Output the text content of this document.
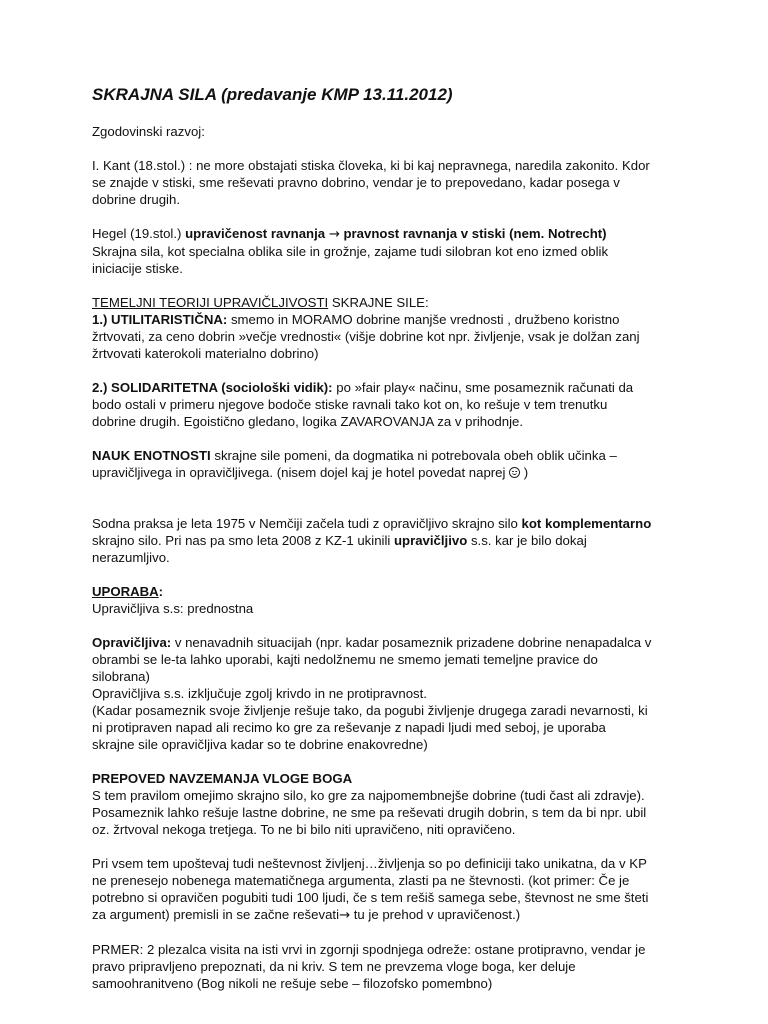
SKRAJNA SILA (predavanje KMP 13.11.2012)

Zgodovinski razvoj:

I. Kant (18.stol.) : ne more obstajati stiska človeka, ki bi kaj nepravnega, naredila zakonito. Kdor se znajde v stiski, sme reševati pravno dobrino, vendar je to prepovedano, kadar posega v dobrine drugih.

Hegel (19.stol.) upravičenost ravnanja → pravnost ravnanja v stiski (nem. Notrecht)
Skrajna sila, kot specialna oblika sile in grožnje, zajame tudi silobran kot eno izmed oblik iniciacije stiske.

TEMELJNI TEORIJI UPRAVIČLJIVOSTI SKRAJNE SILE:
1.) UTILITARISTIČNA: smemo in MORAMO dobrine manjše vrednosti , družbeno koristno žrtvovati, za ceno dobrin »večje vrednosti« (višje dobrine kot npr. življenje, vsak je dolžan zanj žrtvovati katerokoli materialno dobrino)

2.) SOLIDARITETNA (sociološki vidik): po »fair play« načinu, sme posameznik računati da bodo ostali v primeru njegove bodoče stiske ravnali tako kot on, ko rešuje v tem trenutku dobrine drugih. Egoistično gledano, logika ZAVAROVANJA za v prihodnje.

NAUK ENOTNOSTI skrajne sile pomeni, da dogmatika ni potrebovala obeh oblik učinka – upravičljivega in opravičljivega. (nisem dojel kaj je hotel povedat naprej  )

Sodna praksa je leta 1975 v Nemčiji začela tudi z opravičljivo skrajno silo kot komplementarno skrajno silo. Pri nas pa smo leta 2008 z KZ-1 ukinili upravičljivo s.s. kar je bilo dokaj nerazumljivo.

UPORABA:
Upravičljiva s.s: prednostna

Opravičljiva: v nenavadnih situacijah (npr. kadar posameznik prizadene dobrine nenapadalca v obrambi se le-ta lahko uporabi, kajti nedolžnemu ne smemo jemati temeljne pravice do silobrana)
Opravičljiva s.s. izključuje zgolj krivdo in ne protipravnost.
(Kadar posameznik svoje življenje rešuje tako, da pogubi življenje drugega zaradi nevarnosti, ki ni protipraven napad ali recimo ko gre za reševanje z napadi ljudi med seboj, je uporaba skrajne sile opravičljiva kadar so te dobrine enakovredne)

PREPOVED NAVZEMANJA VLOGE BOGA
S tem pravilom omejimo skrajno silo, ko gre za najpomembnejše dobrine (tudi čast ali zdravje). Posameznik lahko rešuje lastne dobrine, ne sme pa reševati drugih dobrin, s tem da bi npr. ubil oz. žrtvoval nekoga tretjega. To ne bi bilo niti upravičeno, niti opravičeno.

Pri vsem tem upoštevaj tudi neštevnost življenj…življenja so po definiciji tako unikatna, da v KP ne prenesejo nobenega matematičnega argumenta, zlasti pa ne števnosti. (kot primer: Če je potrebno si opravičen pogubiti tudi 100 ljudi, če s tem rešiš samega sebe, števnost ne sme šteti za argument) premisli in se začne reševati→ tu je prehod v upravičenost.)

PRMER: 2 plezalca visita na isti vrvi in zgornji spodnjega odreže: ostane protipravno, vendar je pravo pripravljeno prepoznati, da ni kriv. S tem ne prevzema vloge boga, ker deluje samoohranitveno (Bog nikoli ne rešuje sebe – filozofsko pomembno)
